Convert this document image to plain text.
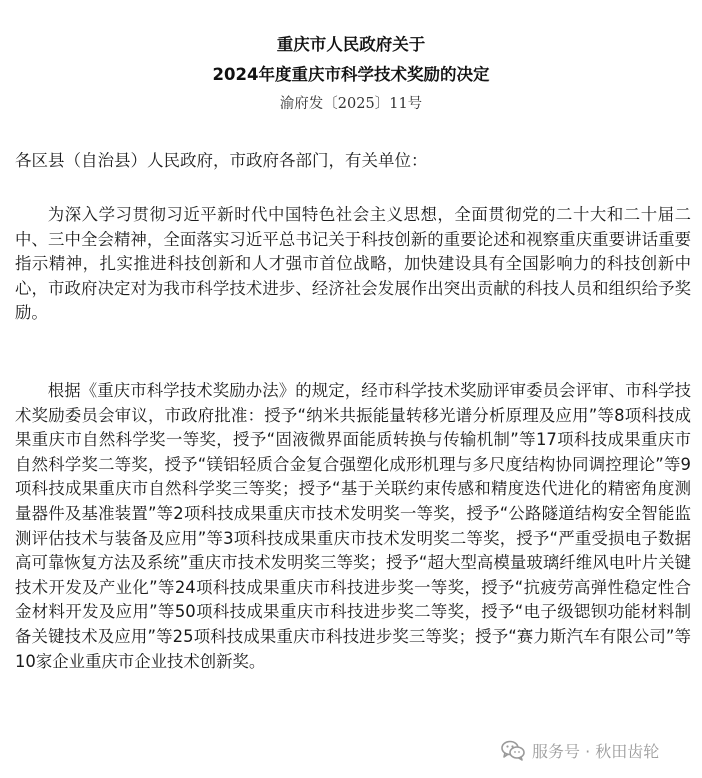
重庆市人民政府关于
2024年度重庆市科学技术奖励的决定
渝府发〔2025〕11号
各区县（自治县）人民政府，市政府各部门，有关单位：

为深入学习贯彻习近平新时代中国特色社会主义思想，全面贯彻党的二十大和二十届二中、三中全会精神，全面落实习近平总书记关于科技创新的重要论述和视察重庆重要讲话重要指示精神，扎实推进科技创新和人才强市首位战略，加快建设具有全国影响力的科技创新中心，市政府决定对为我市科学技术进步、经济社会发展作出突出贡献的科技人员和组织给予奖励。

根据《重庆市科学技术奖励办法》的规定，经市科学技术奖励评审委员会评审、市科学技术奖励委员会审议，市政府批准：授予“纳米共振能量转移光谱分析原理及应用”等8项科技成果重庆市自然科学奖一等奖，授予“固液微界面能质转换与传输机制”等17项科技成果重庆市自然科学奖二等奖，授予“镁铝轻质合金复合强塑化成形机理与多尺度结构协同调控理论”等9项科技成果重庆市自然科学奖三等奖；授予“基于关联约束传感和精度迭代进化的精密角度测量器件及基准装置”等2项科技成果重庆市技术发明奖一等奖，授予“公路隧道结构安全智能监测评估技术与装备及应用”等3项科技成果重庆市技术发明奖二等奖，授予“严重受损电子数据高可靠恢复方法及系统”重庆市技术发明奖三等奖；授予“超大型高模量玻璃纤维风电叶片关键技术开发及产业化”等24项科技成果重庆市科技进步奖一等奖，授予“抗疲劳高弹性稳定性合金材料开发及应用”等50项科技成果重庆市科技进步奖二等奖，授予“电子级锶钡功能材料制备关键技术及应用”等25项科技成果重庆市科技进步奖三等奖；授予“赛力斯汽车有限公司”等10家企业重庆市企业技术创新奖。

服务号 · 秋田齿轮
